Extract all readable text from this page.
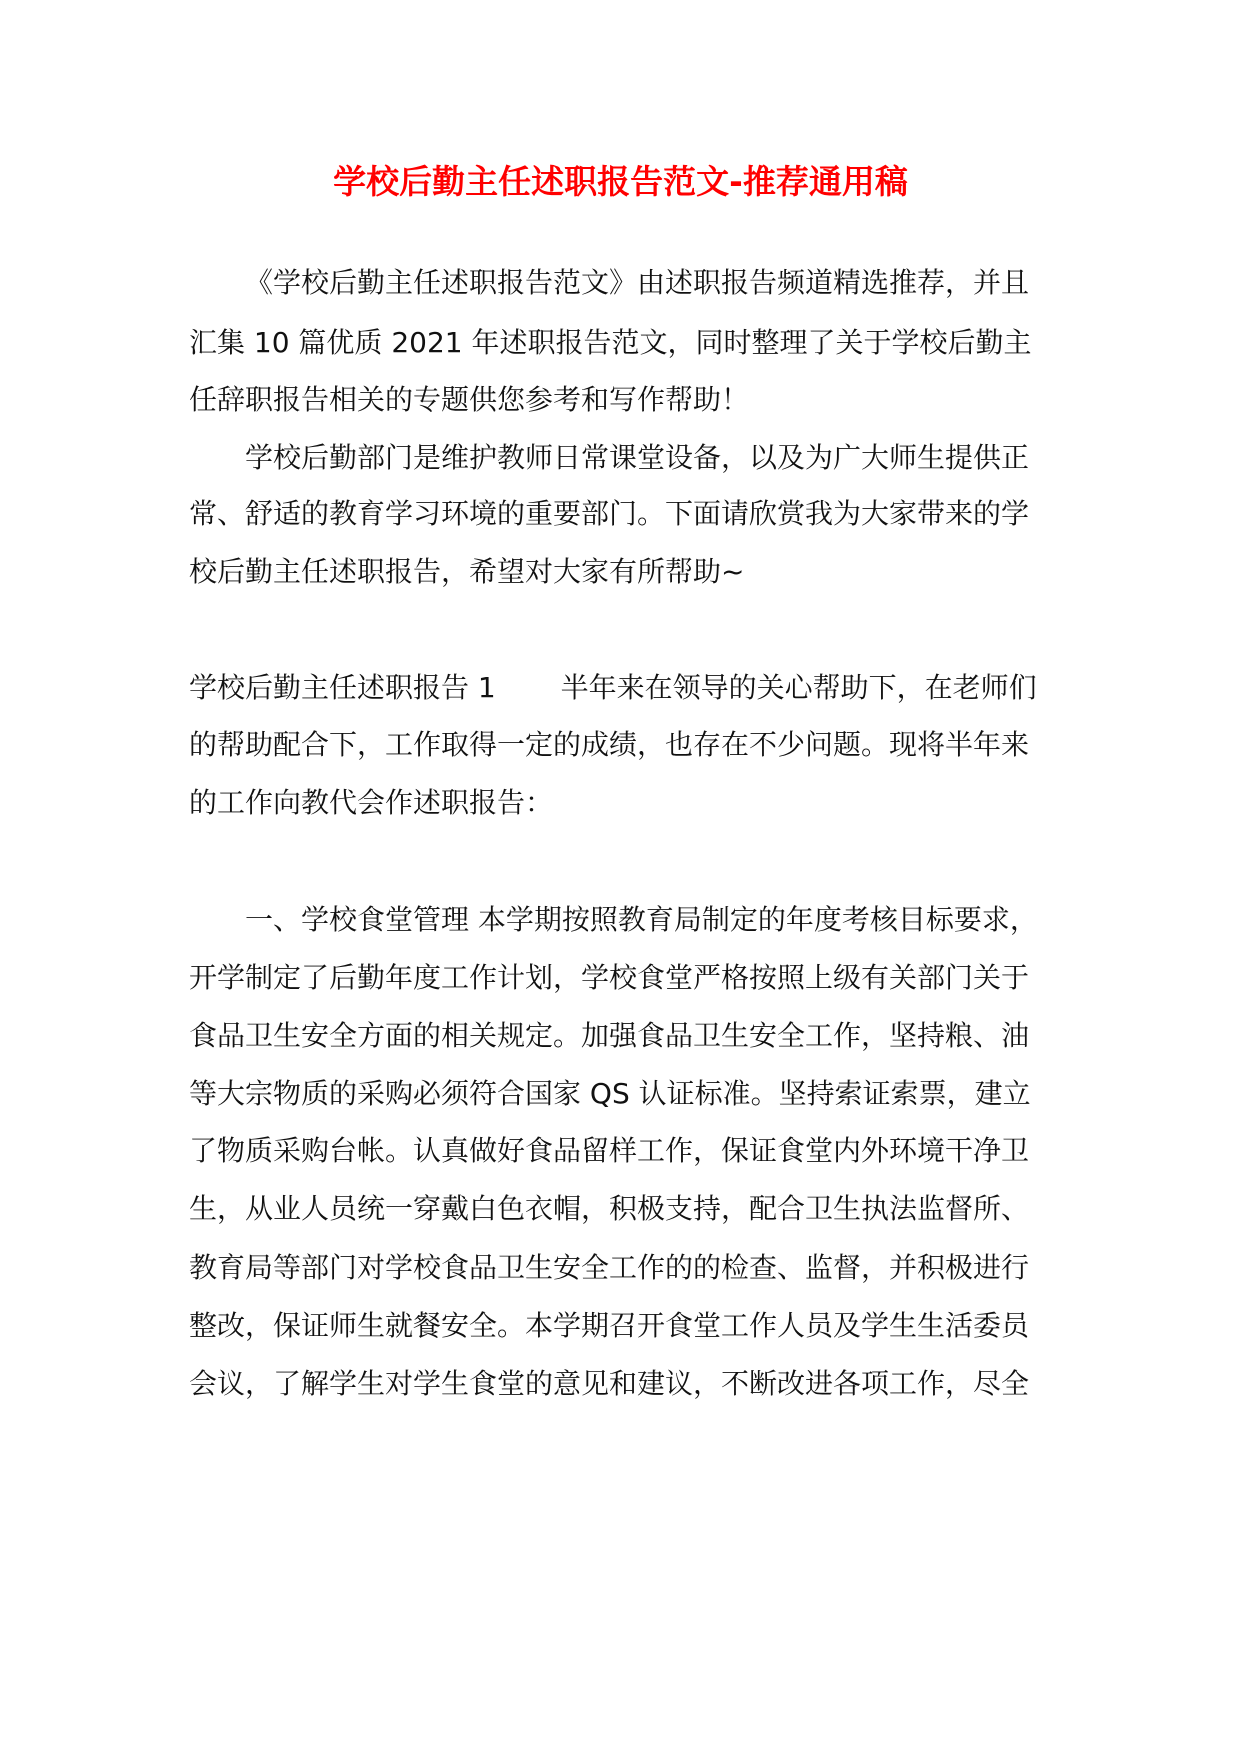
学校后勤主任述职报告范文-推荐通用稿
《学校后勤主任述职报告范文》由述职报告频道精选推荐，并且
汇集 10 篇优质 2021 年述职报告范文，同时整理了关于学校后勤主
任辞职报告相关的专题供您参考和写作帮助！
学校后勤部门是维护教师日常课堂设备，以及为广大师生提供正
常、舒适的教育学习环境的重要部门。下面请欣赏我为大家带来的学
校后勤主任述职报告，希望对大家有所帮助~
学校后勤主任述职报告 1　　 半年来在领导的关心帮助下，在老师们
的帮助配合下，工作取得一定的成绩，也存在不少问题。现将半年来
的工作向教代会作述职报告：
一、学校食堂管理 本学期按照教育局制定的年度考核目标要求，
开学制定了后勤年度工作计划，学校食堂严格按照上级有关部门关于
食品卫生安全方面的相关规定。加强食品卫生安全工作，坚持粮、油
等大宗物质的采购必须符合国家 QS 认证标准。坚持索证索票，建立
了物质采购台帐。认真做好食品留样工作，保证食堂内外环境干净卫
生，从业人员统一穿戴白色衣帽，积极支持，配合卫生执法监督所、
教育局等部门对学校食品卫生安全工作的的检查、监督，并积极进行
整改，保证师生就餐安全。本学期召开食堂工作人员及学生生活委员
会议，了解学生对学生食堂的意见和建议，不断改进各项工作，尽全
